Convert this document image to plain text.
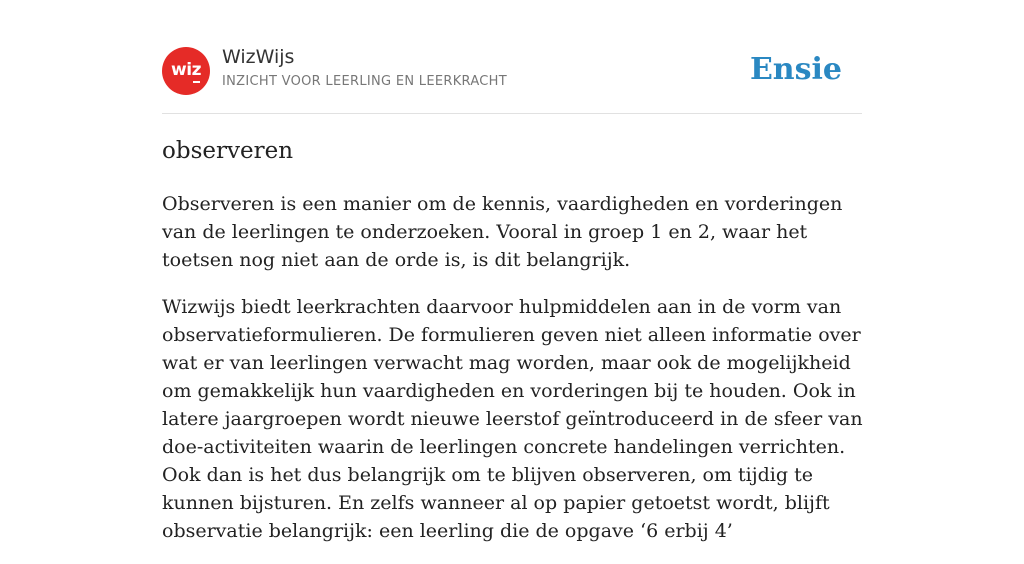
wiz
WizWijs
INZICHT VOOR LEERLING EN LEERKRACHT	Ensie
observeren

Observeren is een manier om de kennis, vaardigheden en vorderingen van de leerlingen te onderzoeken. Vooral in groep 1 en 2, waar het toetsen nog niet aan de orde is, is dit belangrijk.

Wizwijs biedt leerkrachten daarvoor hulpmiddelen aan in de vorm van observatieformulieren. De formulieren geven niet alleen informatie over wat er van leerlingen verwacht mag worden, maar ook de mogelijkheid om gemakkelijk hun vaardigheden en vorderingen bij te houden. Ook in latere jaargroepen wordt nieuwe leerstof geïntroduceerd in de sfeer van doe-activiteiten waarin de leerlingen concrete handelingen verrichten. Ook dan is het dus belangrijk om te blijven observeren, om tijdig te kunnen bijsturen. En zelfs wanneer al op papier getoetst wordt, blijft observatie belangrijk: een leerling die de opgave ‘6 erbij 4’
